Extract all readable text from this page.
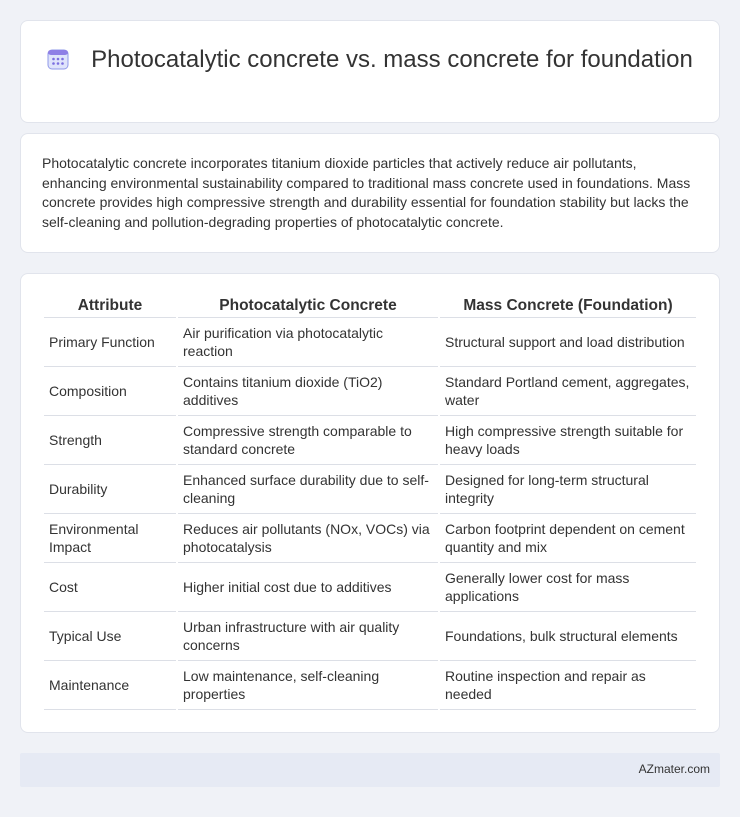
Photocatalytic concrete vs. mass concrete for foundation

Photocatalytic concrete incorporates titanium dioxide particles that actively reduce air pollutants, enhancing environmental sustainability compared to traditional mass concrete used in foundations. Mass concrete provides high compressive strength and durability essential for foundation stability but lacks the self-cleaning and pollution-degrading properties of photocatalytic concrete.

Attribute	Photocatalytic Concrete	Mass Concrete (Foundation)
Primary Function	Air purification via photocatalytic reaction	Structural support and load distribution
Composition	Contains titanium dioxide (TiO2) additives	Standard Portland cement, aggregates, water
Strength	Compressive strength comparable to standard concrete	High compressive strength suitable for heavy loads
Durability	Enhanced surface durability due to self-cleaning	Designed for long-term structural integrity
Environmental Impact	Reduces air pollutants (NOx, VOCs) via photocatalysis	Carbon footprint dependent on cement quantity and mix
Cost	Higher initial cost due to additives	Generally lower cost for mass applications
Typical Use	Urban infrastructure with air quality concerns	Foundations, bulk structural elements
Maintenance	Low maintenance, self-cleaning properties	Routine inspection and repair as needed
AZmater.com
